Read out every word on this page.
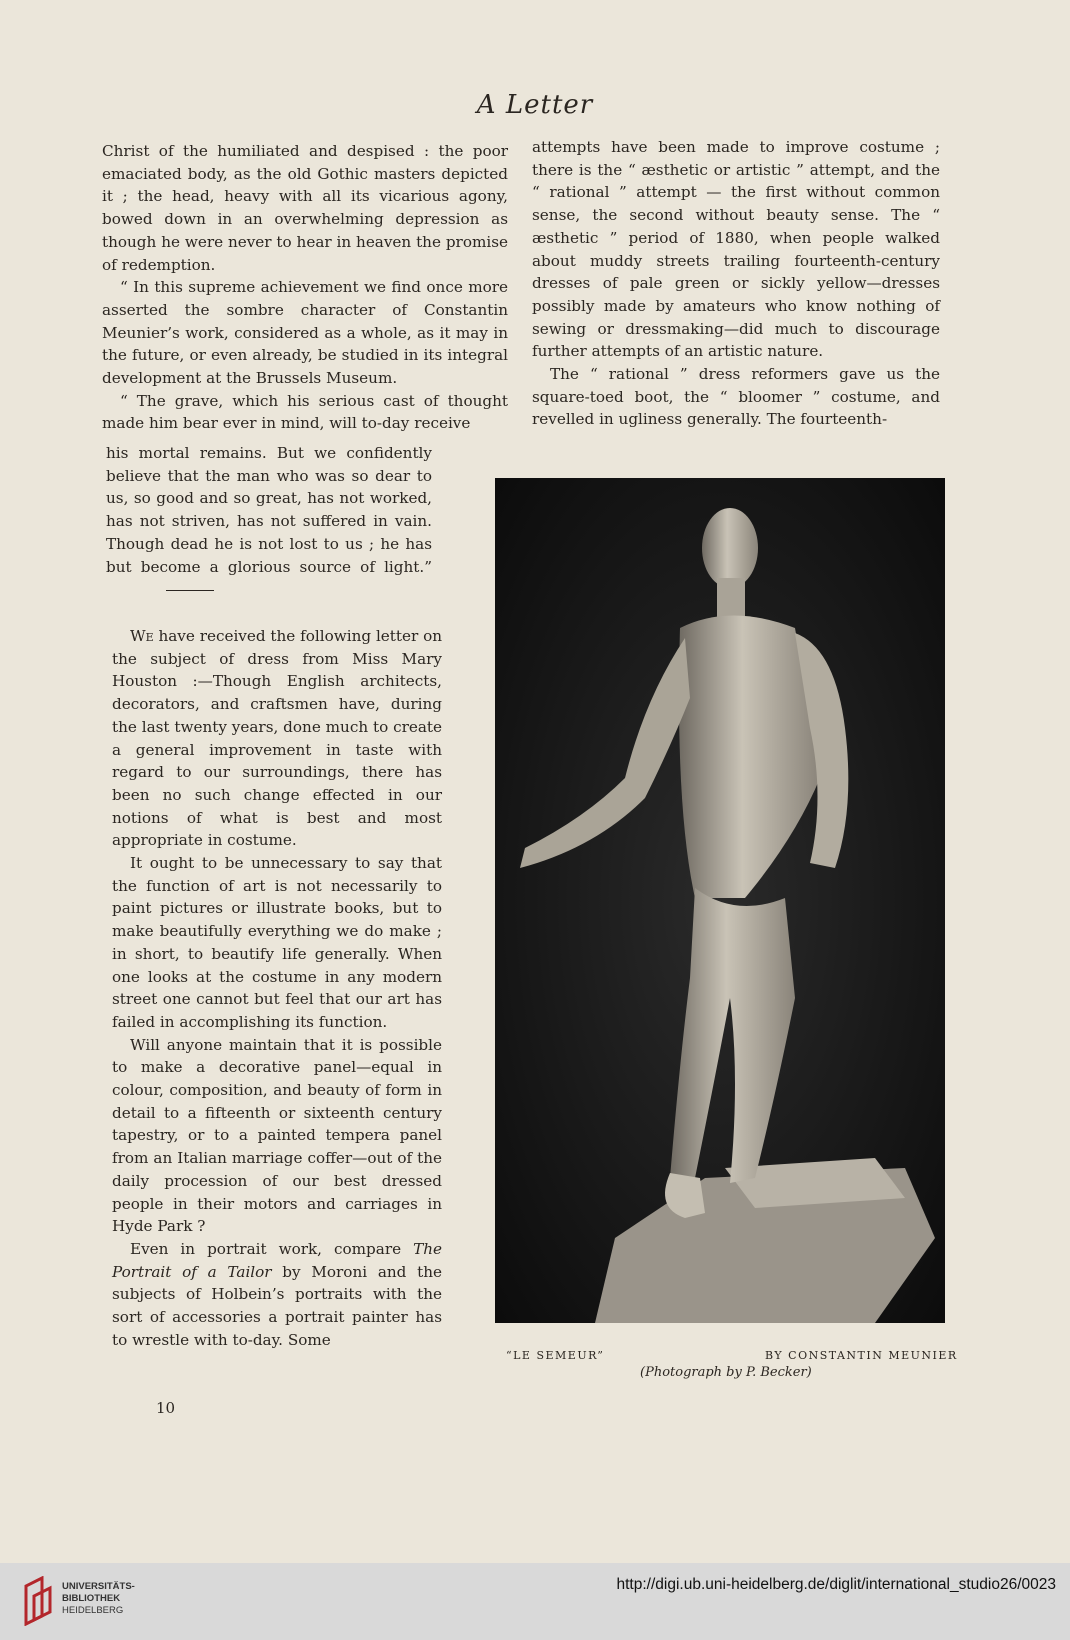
A Letter

Christ of the humiliated and despised : the poor emaciated body, as the old Gothic masters depicted it ; the head, heavy with all its vicarious agony, bowed down in an overwhelming depression as though he were never to hear in heaven the promise of redemption.

“ In this supreme achievement we find once more asserted the sombre character of Constantin Meunier’s work, considered as a whole, as it may in the future, or even already, be studied in its integral development at the Brussels Museum.

“ The grave, which his serious cast of thought made him bear ever in mind, will to-day receive

his mortal remains. But we confidently believe that the man who was so dear to us, so good and so great, has not worked, has not striven, has not suffered in vain. Though dead he is not lost to us ; he has but become a glorious source of light.”

We have received the following letter on the subject of dress from Miss Mary Houston :—Though English architects, decorators, and craftsmen have, during the last twenty years, done much to create a general improvement in taste with regard to our surroundings, there has been no such change effected in our notions of what is best and most appropriate in costume.

It ought to be unnecessary to say that the function of art is not necessarily to paint pictures or illustrate books, but to make beautifully everything we do make ; in short, to beautify life generally. When one looks at the costume in any modern street one cannot but feel that our art has failed in accomplishing its function.

Will anyone maintain that it is possible to make a decorative panel—equal in colour, composition, and beauty of form in detail to a fifteenth or sixteenth century tapestry, or to a painted tempera panel from an Italian marriage coffer—out of the daily procession of our best dressed people in their motors and carriages in Hyde Park ?

Even in portrait work, compare The Portrait of a Tailor by Moroni and the subjects of Holbein’s portraits with the sort of accessories a portrait painter has to wrestle with to-day. Some

attempts have been made to improve costume ; there is the “ æsthetic or artistic ” attempt, and the “ rational ” attempt — the first without common sense, the second without beauty sense. The “ æsthetic ” period of 1880, when people walked about muddy streets trailing fourteenth-century dresses of pale green or sickly yellow—dresses possibly made by amateurs who know nothing of sewing or dressmaking—did much to discourage further attempts of an artistic nature.

The “ rational ” dress reformers gave us the square-toed boot, the “ bloomer ” costume, and revelled in ugliness generally. The fourteenth-

“LE SEMEUR”	BY CONSTANTIN MEUNIER
(Photograph by P. Becker)
10
UNIVERSITÄTS-
BIBLIOTHEK
HEIDELBERG
http://digi.ub.uni-heidelberg.de/diglit/international_studio26/0023
